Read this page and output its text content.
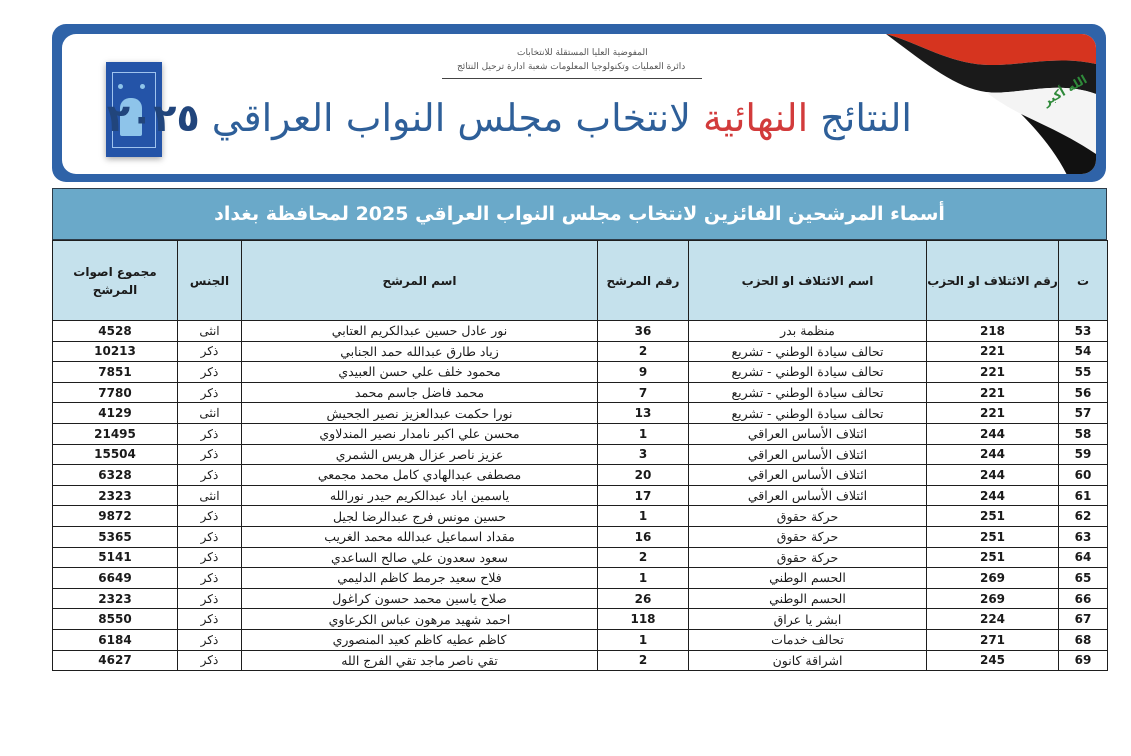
المفوضية العليا المستقلة للانتخابات
دائرة العمليات وتكنولوجيا المعلومات شعبة ادارة ترحيل النتائج
النتائج النهائية لانتخاب مجلس النواب العراقي ٢٠٢٥
الله أكبر
أسماء المرشحين الفائزين لانتخاب مجلس النواب العراقي 2025 لمحافظة بغداد
ت	رقم الائتلاف او الحزب	اسم الائتلاف او الحزب	رقم المرشح	اسم المرشح	الجنس	مجموع اصوات المرشح
53	218	منظمة بدر	36	نور عادل حسين عبدالكريم العتابي	انثى	4528
54	221	تحالف سيادة الوطني - تشريع	2	زياد طارق عبدالله حمد الجنابي	ذكر	10213
55	221	تحالف سيادة الوطني - تشريع	9	محمود خلف علي حسن العبيدي	ذكر	7851
56	221	تحالف سيادة الوطني - تشريع	7	محمد فاضل جاسم محمد	ذكر	7780
57	221	تحالف سيادة الوطني - تشريع	13	نورا حكمت عبدالعزيز نصير الجحيش	انثى	4129
58	244	ائتلاف الأساس العراقي	1	محسن علي اكبر نامدار نصير المندلاوي	ذكر	21495
59	244	ائتلاف الأساس العراقي	3	عزيز ناصر عزال هريس الشمري	ذكر	15504
60	244	ائتلاف الأساس العراقي	20	مصطفى عبدالهادي كامل محمد مجمعي	ذكر	6328
61	244	ائتلاف الأساس العراقي	17	ياسمين اياد عبدالكريم حيدر نورالله	انثى	2323
62	251	حركة حقوق	1	حسين مونس فرج عبدالرضا لجيل	ذكر	9872
63	251	حركة حقوق	16	مقداد اسماعيل عبدالله محمد الغريب	ذكر	5365
64	251	حركة حقوق	2	سعود سعدون علي صالح الساعدي	ذكر	5141
65	269	الحسم الوطني	1	فلاح سعيد جرمط كاظم الدليمي	ذكر	6649
66	269	الحسم الوطني	26	صلاح ياسين محمد حسون كراغول	ذكر	2323
67	224	ابشر يا عراق	118	احمد شهيد مرهون عباس الكرعاوي	ذكر	8550
68	271	تحالف خدمات	1	كاظم عطيه كاظم كعيد المنصوري	ذكر	6184
69	245	اشراقة كانون	2	تقي ناصر ماجد تقي الفرج الله	ذكر	4627
